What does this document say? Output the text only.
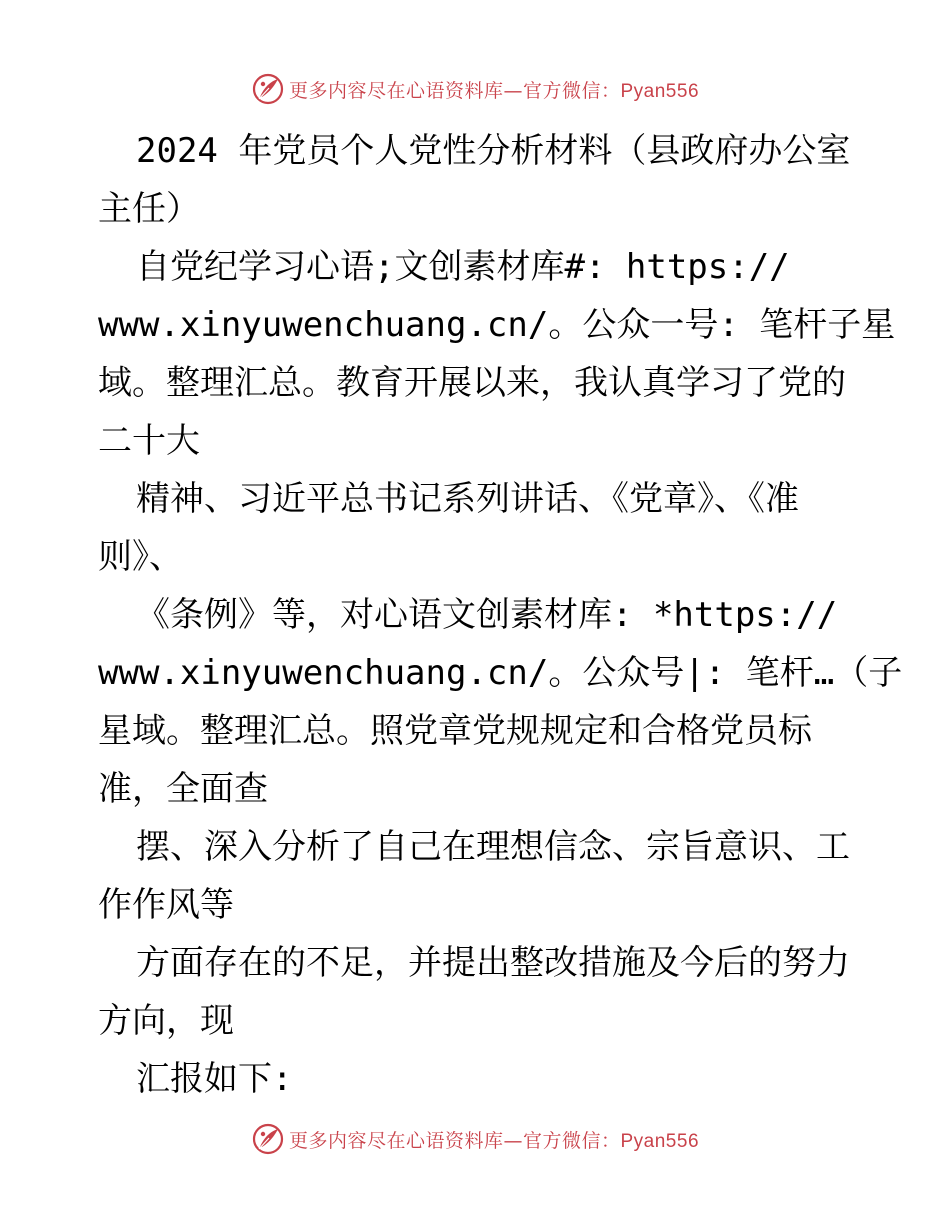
更多内容尽在心语资料库—官方微信：Pyan556
2024 年党员个人党性分析材料（县政府办公室
主任）
自党纪学习心语;文创素材库#: https://
www.xinyuwenchuang.cn/。公众一号: 笔杆子星
域。整理汇总。教育开展以来，我认真学习了党的
二十大
精神、习近平总书记系列讲话、《党章》、《准
则》、
《条例》等，对心语文创素材库: *https://
www.xinyuwenchuang.cn/。公众号|: 笔杆…（子
星域。整理汇总。照党章党规规定和合格党员标
准，全面查
摆、深入分析了自己在理想信念、宗旨意识、工
作作风等
方面存在的不足，并提出整改措施及今后的努力
方向，现
汇报如下:
更多内容尽在心语资料库—官方微信：Pyan556
